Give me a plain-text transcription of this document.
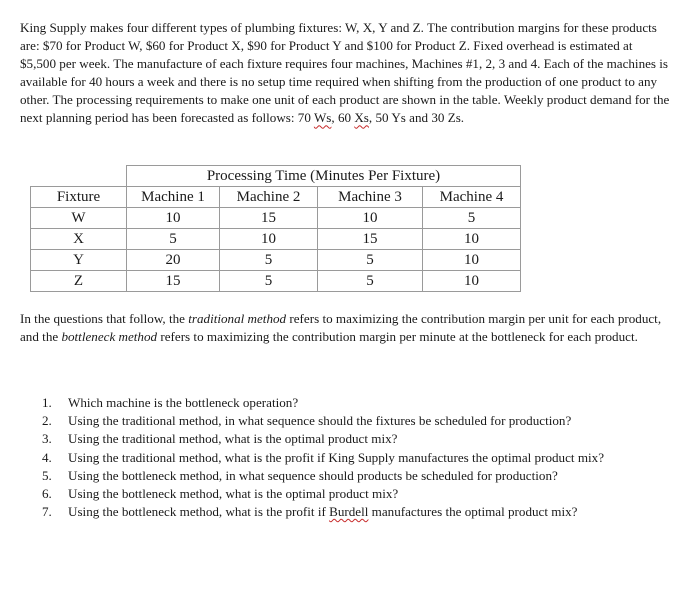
King Supply makes four different types of plumbing fixtures: W, X, Y and Z. The contribution margins for these products are: $70 for Product W, $60 for Product X, $90 for Product Y and $100 for Product Z. Fixed overhead is estimated at $5,500 per week. The manufacture of each fixture requires four machines, Machines #1, 2, 3 and 4. Each of the machines is available for 40 hours a week and there is no setup time required when shifting from the production of one product to any other. The processing requirements to make one unit of each product are shown in the table. Weekly product demand for the next planning period has been forecasted as follows: 70 Ws, 60 Xs, 50 Ys and 30 Zs.

	Processing Time (Minutes Per Fixture)			
Fixture	Machine 1	Machine 2	Machine 3	Machine 4
W	10	15	10	5
X	5	10	15	10
Y	20	5	5	10
Z	15	5	5	10

In the questions that follow, the traditional method refers to maximizing the contribution margin per unit for each product, and the bottleneck method refers to maximizing the contribution margin per minute at the bottleneck for each product.

1. Which machine is the bottleneck operation?
2. Using the traditional method, in what sequence should the fixtures be scheduled for production?
3. Using the traditional method, what is the optimal product mix?
4. Using the traditional method, what is the profit if King Supply manufactures the optimal product mix?
5. Using the bottleneck method, in what sequence should products be scheduled for production?
6. Using the bottleneck method, what is the optimal product mix?
7. Using the bottleneck method, what is the profit if Burdell manufactures the optimal product mix?
